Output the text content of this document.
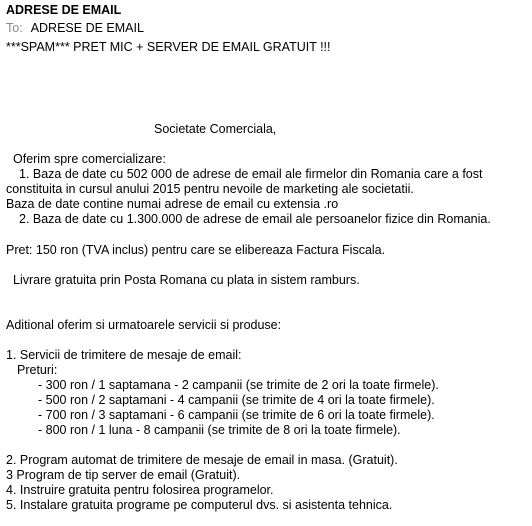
ADRESE DE EMAIL
To: ADRESE DE EMAIL
***SPAM*** PRET MIC + SERVER DE EMAIL GRATUIT !!!
Societate Comerciala,
Oferim spre comercializare:
1. Baza de date cu 502 000 de adrese de email ale firmelor din Romania care a fost
constituita in cursul anului 2015 pentru nevoile de marketing ale societatii.
Baza de date contine numai adrese de email cu extensia .ro
2. Baza de date cu 1.300.000 de adrese de email ale persoanelor fizice din Romania.
Pret: 150 ron (TVA inclus) pentru care se elibereaza Factura Fiscala.
Livrare gratuita prin Posta Romana cu plata in sistem ramburs.
Aditional oferim si urmatoarele servicii si produse:
1. Servicii de trimitere de mesaje de email:
Preturi:
- 300 ron / 1 saptamana - 2 campanii (se trimite de 2 ori la toate firmele).
- 500 ron / 2 saptamani - 4 campanii (se trimite de 4 ori la toate firmele).
- 700 ron / 3 saptamani - 6 campanii (se trimite de 6 ori la toate firmele).
- 800 ron / 1 luna - 8 campanii (se trimite de 8 ori la toate firmele).
2. Program automat de trimitere de mesaje de email in masa. (Gratuit).
3 Program de tip server de email (Gratuit).
4. Instruire gratuita pentru folosirea programelor.
5. Instalare gratuita programe pe computerul dvs. si asistenta tehnica.
